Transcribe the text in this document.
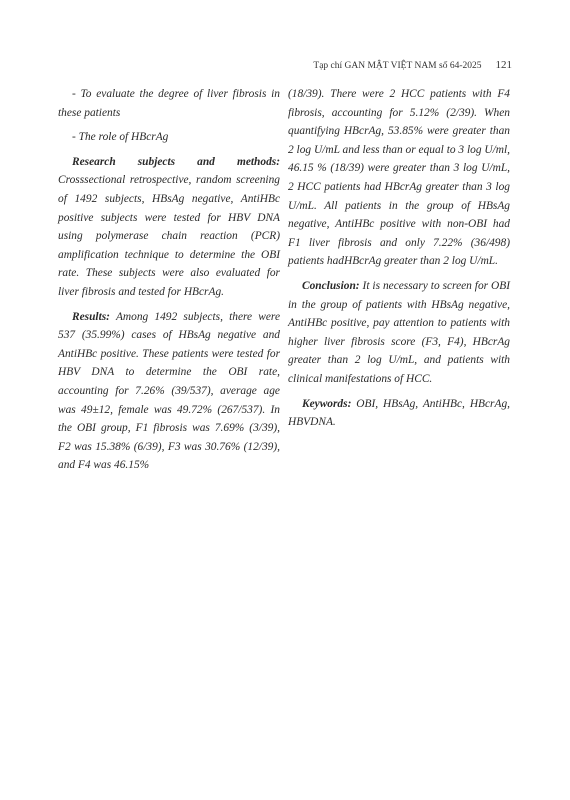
Tạp chí GAN MẬT VIỆT NAM số 64-2025 121

- To evaluate the degree of liver fibrosis in these patients

- The role of HBcrAg

Research subjects and methods: Crosssectional retrospective, random screening of 1492 subjects, HBsAg negative, AntiHBc positive subjects were tested for HBV DNA using polymerase chain reaction (PCR) amplification technique to determine the OBI rate. These subjects were also evaluated for liver fibrosis and tested for HBcrAg.

Results: Among 1492 subjects, there were 537 (35.99%) cases of HBsAg negative and AntiHBc positive. These patients were tested for HBV DNA to determine the OBI rate, accounting for 7.26% (39/537), average age was 49±12, female was 49.72% (267/537). In the OBI group, F1 fibrosis was 7.69% (3/39), F2 was 15.38% (6/39), F3 was 30.76% (12/39), and F4 was 46.15%

(18/39). There were 2 HCC patients with F4 fibrosis, accounting for 5.12% (2/39). When quantifying HBcrAg, 53.85% were greater than 2 log U/mL and less than or equal to 3 log U/ml, 46.15 % (18/39) were greater than 3 log U/mL, 2 HCC patients had HBcrAg greater than 3 log U/mL. All patients in the group of HBsAg negative, AntiHBc positive with non-OBI had F1 liver fibrosis and only 7.22% (36/498) patients hadHBcrAg greater than 2 log U/mL.

Conclusion: It is necessary to screen for OBI in the group of patients with HBsAg negative, AntiHBc positive, pay attention to patients with higher liver fibrosis score (F3, F4), HBcrAg greater than 2 log U/mL, and patients with clinical manifestations of HCC.

Keywords: OBI, HBsAg, AntiHBc, HBcrAg, HBVDNA.
